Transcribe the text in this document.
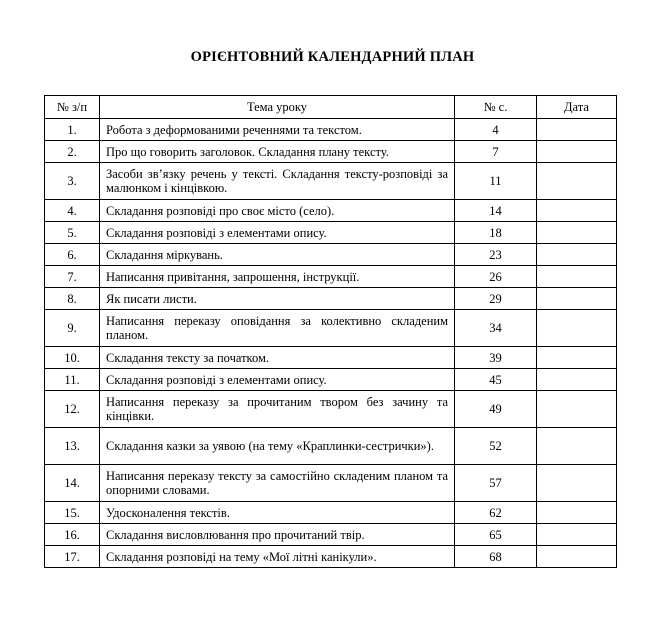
ОРІЄНТОВНИЙ КАЛЕНДАРНИЙ ПЛАН
№ з/п	Тема уроку	№ с.	Дата
1.	Робота з деформованими реченнями та текстом.	4	
2.	Про що говорить заголовок. Складання плану тексту.	7	
3.	Засоби зв’язку речень у тексті. Складання тексту-розповіді за малюнком і кінцівкою.	11	
4.	Складання розповіді про своє місто (село).	14	
5.	Складання розповіді з елементами опису.	18	
6.	Складання міркувань.	23	
7.	Написання привітання, запрошення, інструкції.	26	
8.	Як писати листи.	29	
9.	Написання переказу оповідання за колективно складеним планом.	34	
10.	Складання тексту за початком.	39	
11.	Складання розповіді з елементами опису.	45	
12.	Написання переказу за прочитаним твором без зачину та кінцівки.	49	
13.	Складання казки за уявою (на тему «Краплинки-сестрички»).	52	
14.	Написання переказу тексту за самостійно складеним планом та опорними словами.	57	
15.	Удосконалення текстів.	62	
16.	Складання висловлювання про прочитаний твір.	65	
17.	Складання розповіді на тему «Мої літні канікули».	68	
